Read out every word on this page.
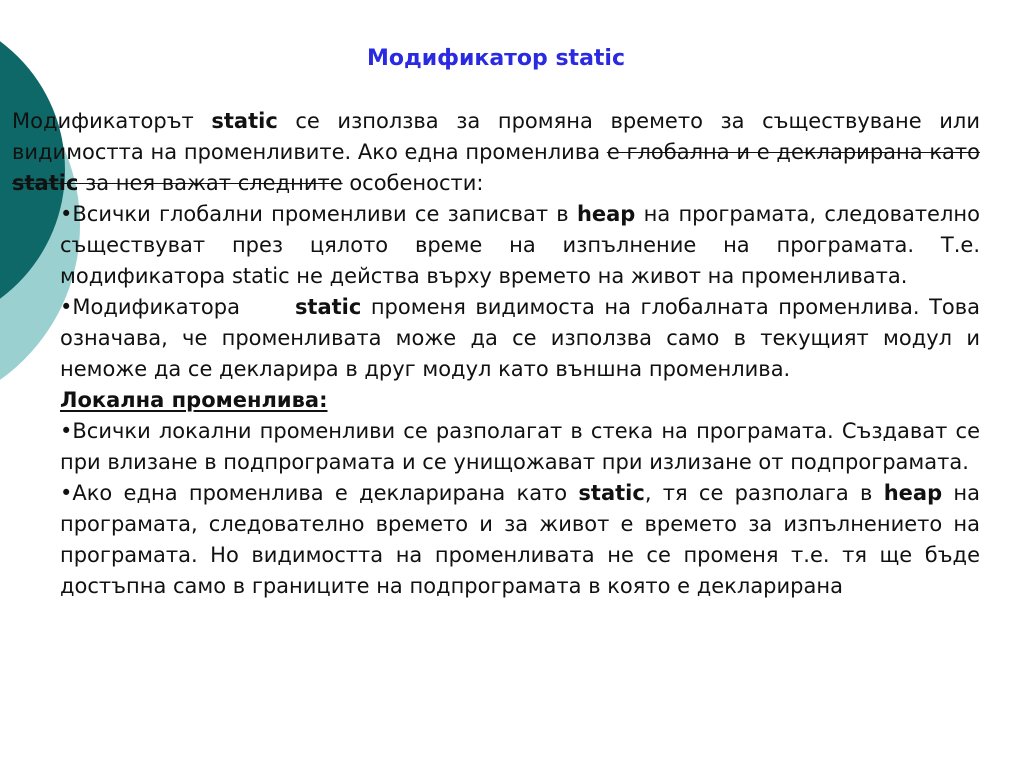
Модификатор static

Модификаторът static се използва за промяна времето за съществуване или видимостта на променливите. Ако една променлива е глобална и е декларирана като static за нея важат следните особености:

•Всички глобални променливи се записват в heap на програмата, следователно съществуват през цялото време на изпълнение на програмата. Т.е. модификатора static не действа върху времето на живот на променливата.

•Модификатора  static променя видимоста на глобалната променлива. Това означава, че променливата може да се използва само в текущият модул и неможе да се декларира в друг модул като външна променлива.

Локална променлива:

•Всички локални променливи се разполагат в стека на програмата. Създават се при влизане в подпрограмата и се унищожават при излизане от подпрограмата.

•Ако една променлива е декларирана като static, тя се разполага в heap на програмата, следователно времето и за живот е времето за изпълнението на програмата. Но видимостта на променливата не се променя т.е. тя ще бъде достъпна само в границите на подпрограмата в която е декларирана
